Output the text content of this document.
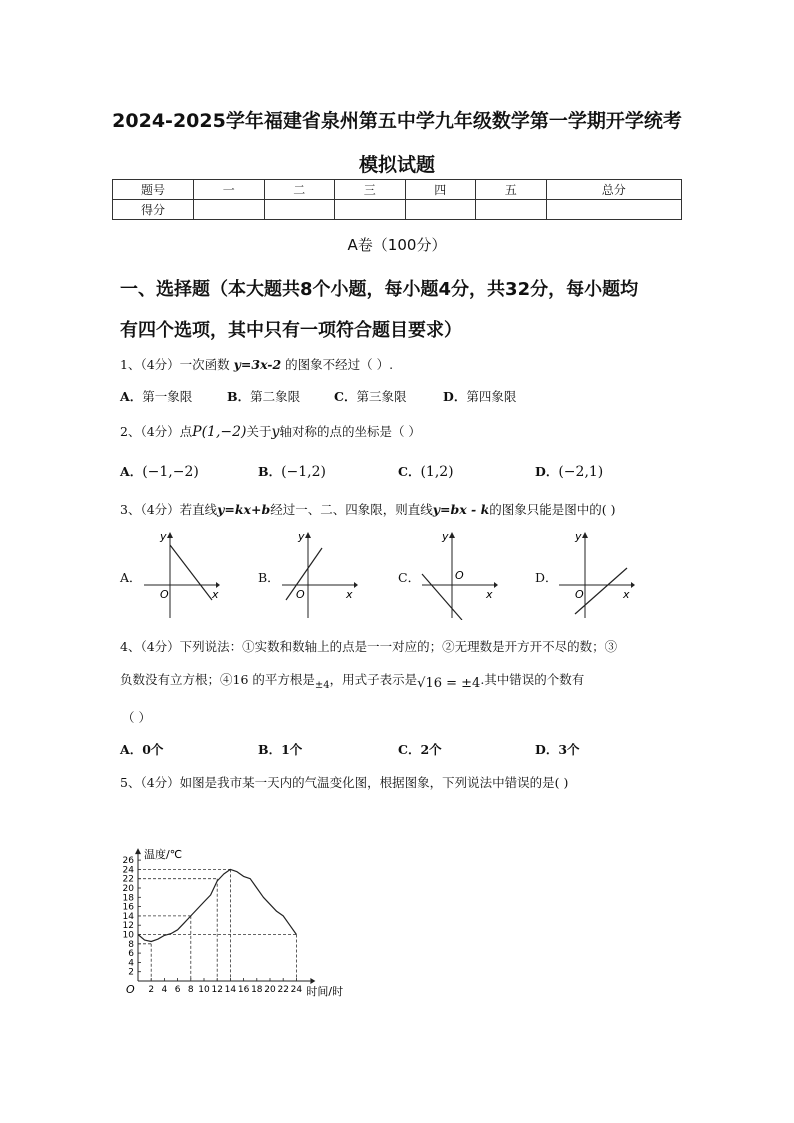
2024-2025学年福建省泉州第五中学九年级数学第一学期开学统考
模拟试题
题号	一	二	三	四	五	总分
得分						
A卷（100分）
一、选择题（本大题共8个小题，每小题4分，共32分，每小题均
有四个选项，其中只有一项符合题目要求）
1、（4分）一次函数 y=3x-2 的图象不经过（ ）.
A．第一象限	B．第二象限	C．第三象限	D．第四象限
2、（4分）点P(1,−2)关于y轴对称的点的坐标是（ ）
A．(−1,−2)	B．(−1,2)	C．(1,2)	D．(−2,1)
3、（4分）若直线y=kx+b经过一、二、四象限，则直线y=bx - k的图象只能是图中的( )
A．
x
y
O
B．
x
y
O
C．
x
y
O	D．
x
y
O
4、（4分）下列说法：①实数和数轴上的点是一一对应的；②无理数是开方开不尽的数；③
负数没有立方根；④16 的平方根是$_{\pm 4}$，用式子表示是√16 = ±4.其中错误的个数有
（ ）
A．0个	B．1个	C．2个	D．3个
5、（4分）如图是我市某一天内的气温变化图，根据图象，下列说法中错误的是( )
2 4 6 8 10 12 14 16 18 20 22 24
2
4
6
8
10
12
14
16
18
20
22
24
26
O
温度/℃
时间/时
